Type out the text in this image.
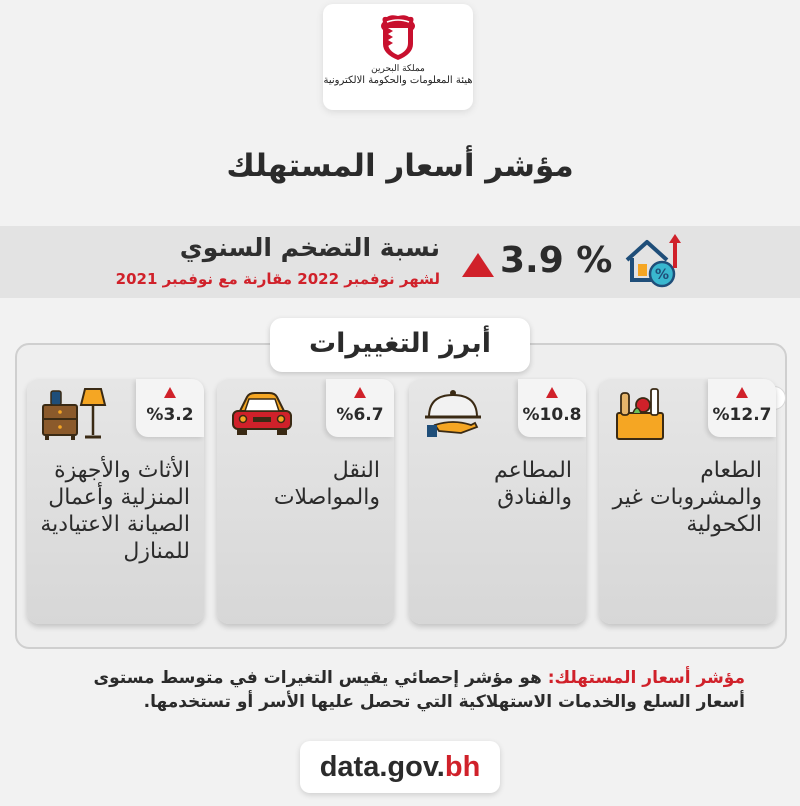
مملكة البحرين
هيئة المعلومات والحكومة الالكترونية
مؤشر أسعار المستهلك
نسبة التضخم السنوي
لشهر نوفمبر 2022 مقارنة مع نوفمبر 2021 3.9 %	%
أبرز التغييرات
%12.7
الطعام والمشروبات غير الكحولية
%10.8
المطاعم والفنادق
%6.7
النقل والمواصلات
%3.2
الأثاث والأجهزة المنزلية وأعمال الصيانة الاعتيادية للمنازل
مؤشر أسعار المستهلك: هو مؤشر إحصائي يقيس التغيرات في متوسط مستوى أسعار السلع والخدمات الاستهلاكية التي تحصل عليها الأسر أو تستخدمها.
data.gov.bh
